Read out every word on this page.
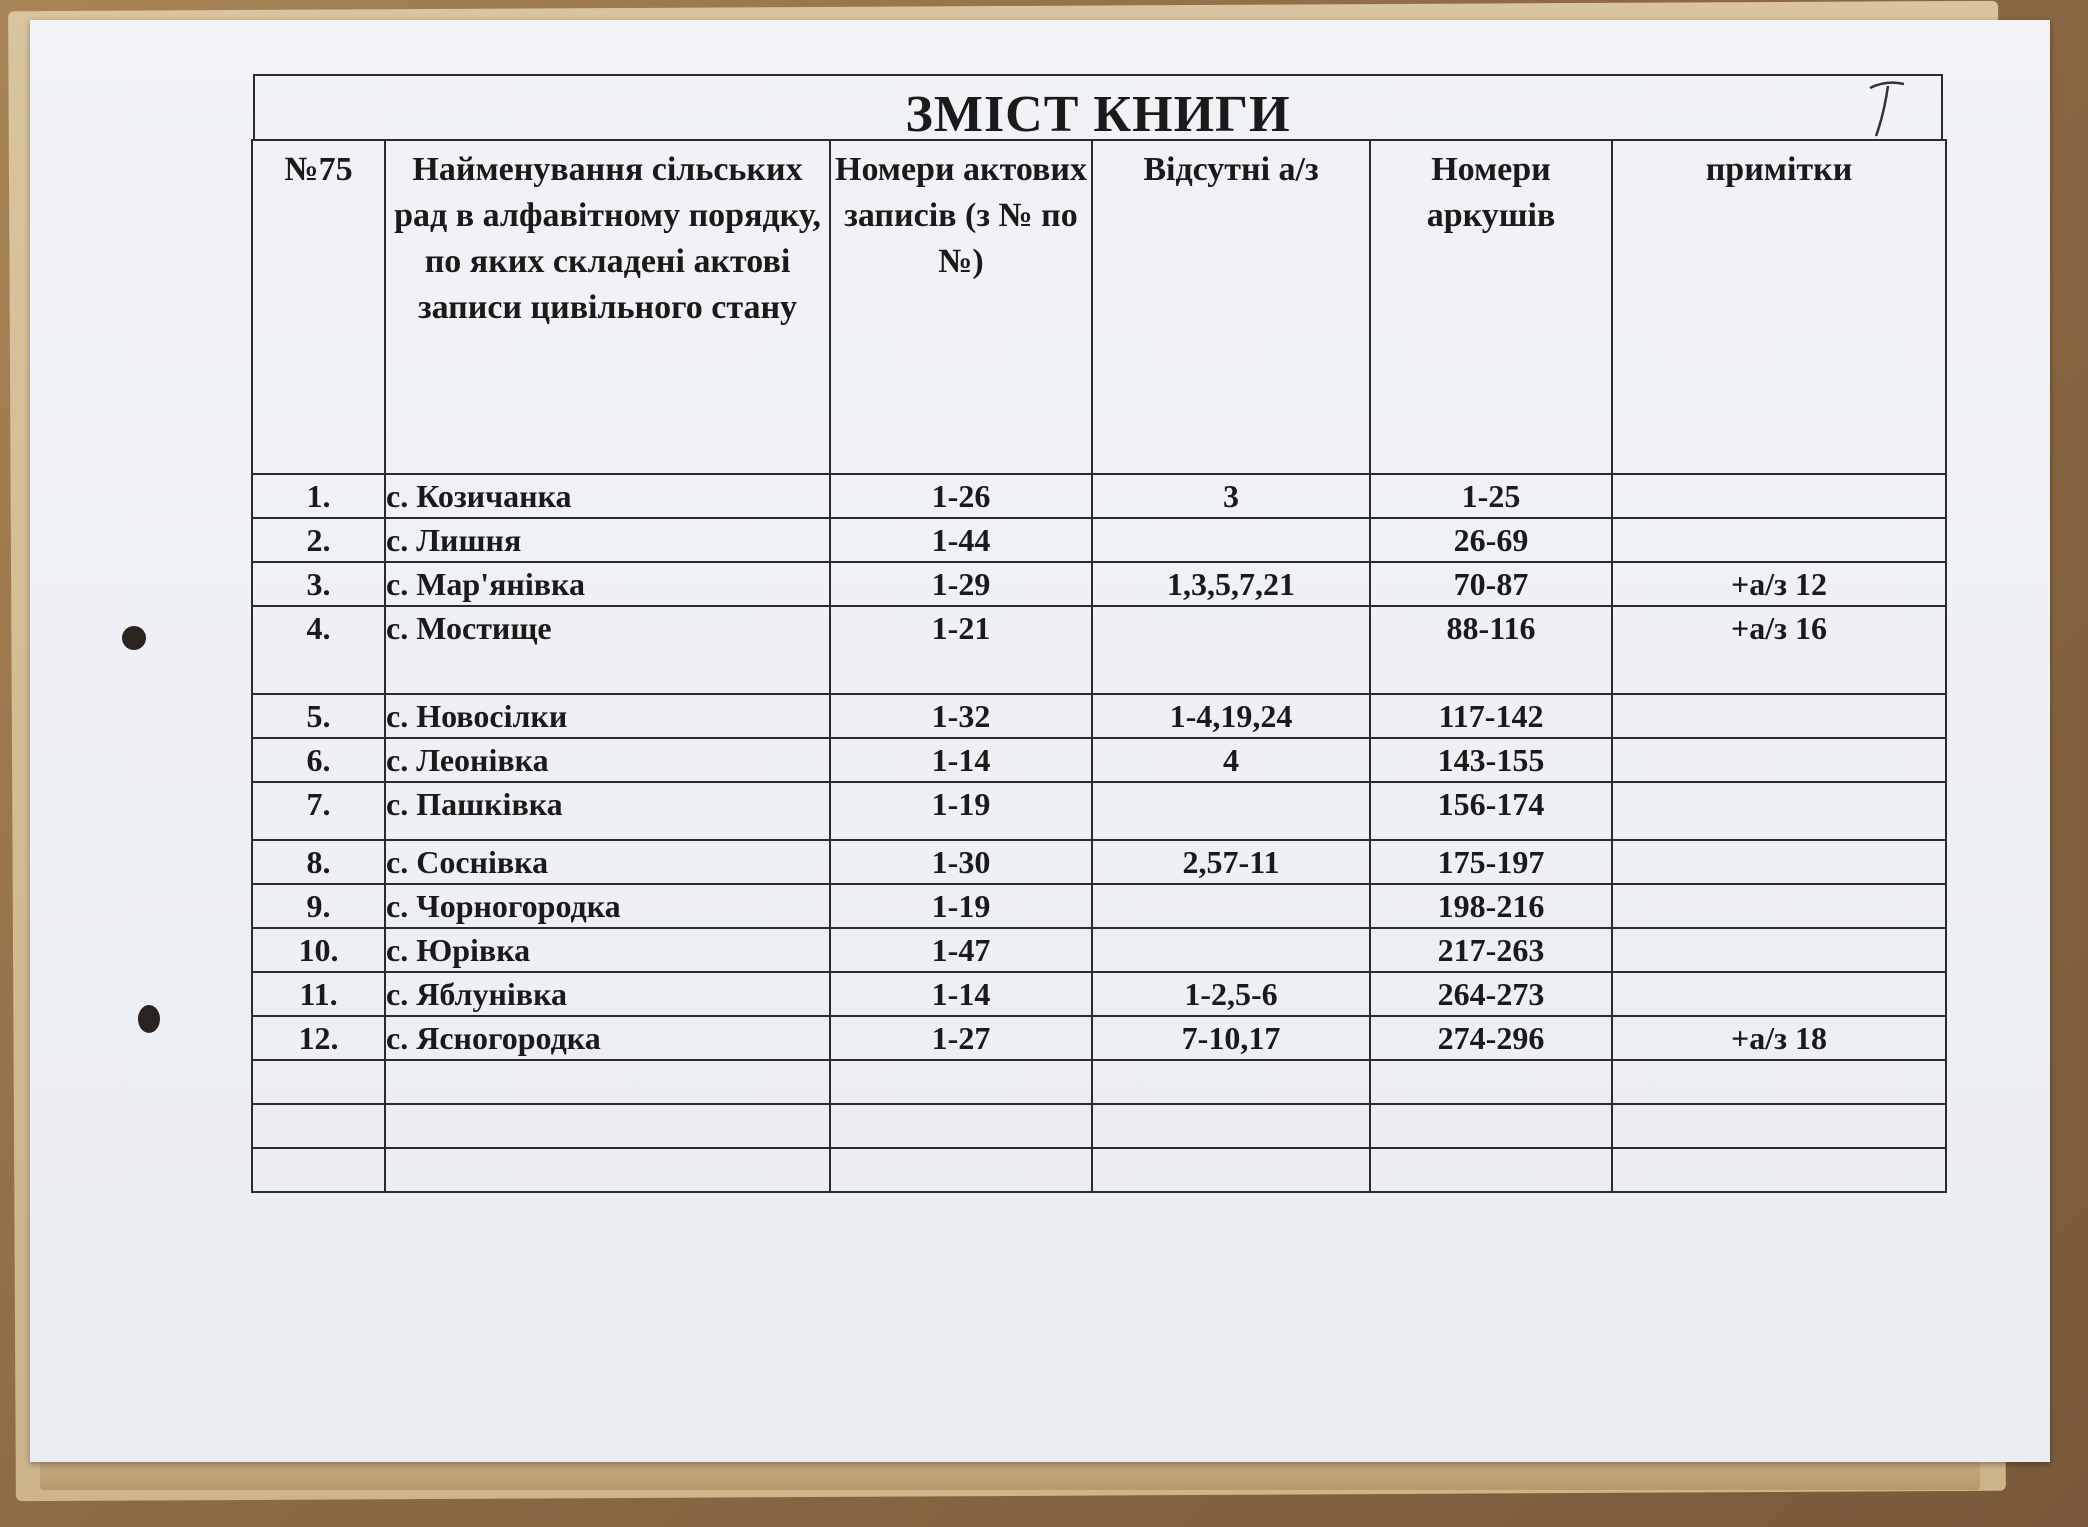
ЗМІСТ КНИГИ
№75	Найменування сільських рад в алфавітному порядку, по яких складені актові записи цивільного стану	Номери актових записів (з № по №)	Відсутні а/з	Номери аркушів	примітки
1.	с. Козичанка	1-26	3	1-25	
2.	с. Лишня	1-44		26-69	
3.	с. Мар'янівка	1-29	1,3,5,7,21	70-87	+а/з 12
4.	с. Мостище	1-21		88-116	+а/з 16
5.	с. Новосілки	1-32	1-4,19,24	117-142	
6.	с. Леонівка	1-14	4	143-155	
7.	с. Пашківка	1-19		156-174	
8.	с. Соснівка	1-30	2,57-11	175-197	
9.	с. Чорногородка	1-19		198-216	
10.	с. Юрівка	1-47		217-263	
11.	с. Яблунівка	1-14	1-2,5-6	264-273	
12.	с. Ясногородка	1-27	7-10,17	274-296	+а/з 18
